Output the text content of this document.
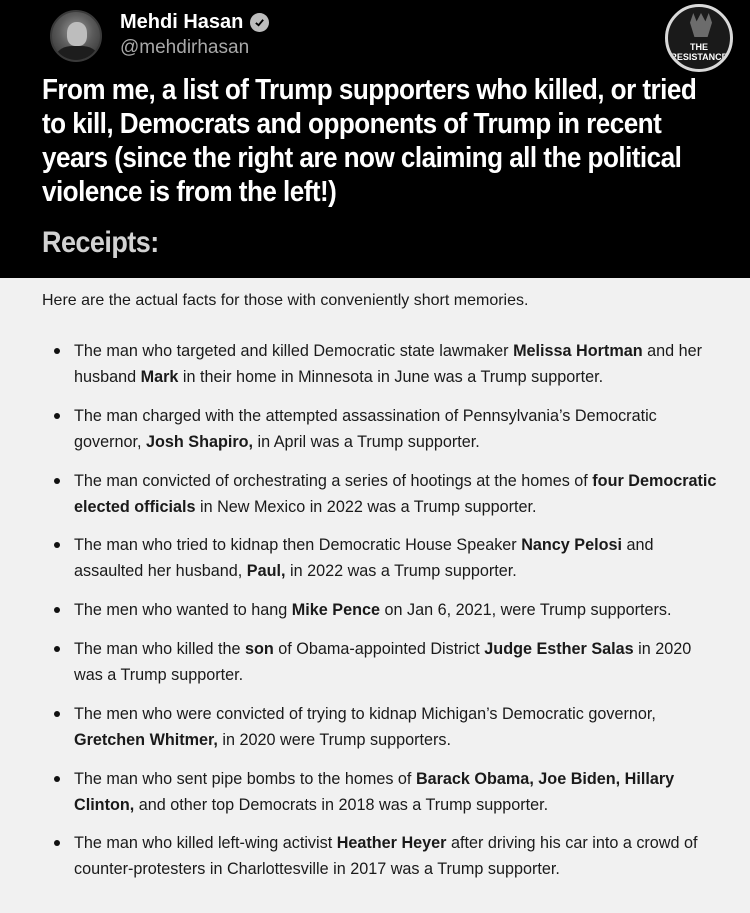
Mehdi Hasan
@mehdirhasan	THE
RESISTANCE
From me, a list of Trump supporters who killed, or tried to kill, Democrats and opponents of Trump in recent years (since the right are now claiming all the political violence is from the left!)
Receipts:
Here are the actual facts for those with conveniently short memories.
The man who targeted and killed Democratic state lawmaker Melissa Hortman and her husband Mark in their home in Minnesota in June was a Trump supporter.
The man charged with the attempted assassination of Pennsylvania’s Democratic governor, Josh Shapiro, in April was a Trump supporter.
The man convicted of orchestrating a series of hootings at the homes of four Democratic elected officials in New Mexico in 2022 was a Trump supporter.
The man who tried to kidnap then Democratic House Speaker Nancy Pelosi and assaulted her husband, Paul, in 2022 was a Trump supporter.
The men who wanted to hang Mike Pence on Jan 6, 2021, were Trump supporters.
The man who killed the son of Obama-appointed District Judge Esther Salas in 2020 was a Trump supporter.
The men who were convicted of trying to kidnap Michigan’s Democratic governor, Gretchen Whitmer, in 2020 were Trump supporters.
The man who sent pipe bombs to the homes of Barack Obama, Joe Biden, Hillary Clinton, and other top Democrats in 2018 was a Trump supporter.
The man who killed left-wing activist Heather Heyer after driving his car into a crowd of counter-protesters in Charlottesville in 2017 was a Trump supporter.
